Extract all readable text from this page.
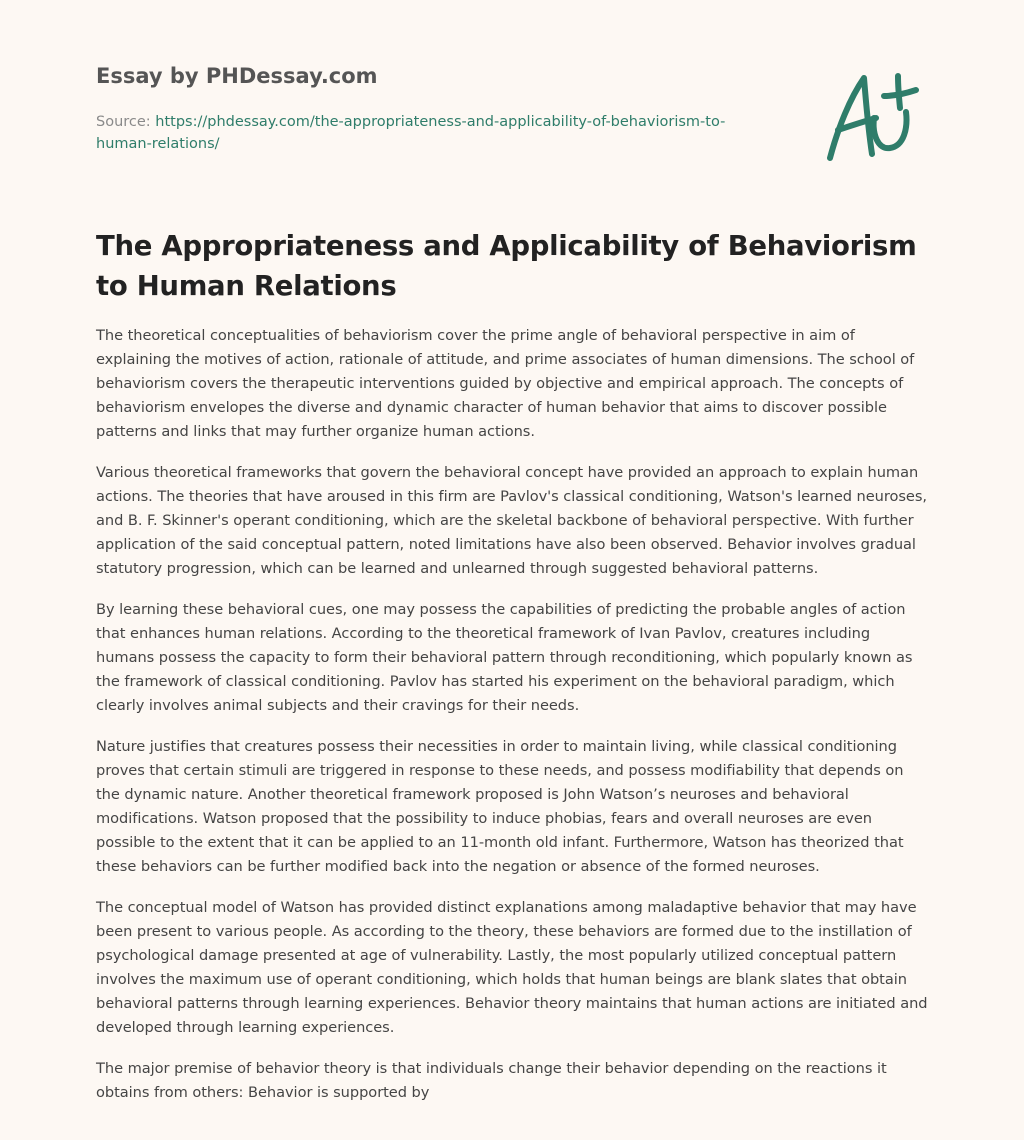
Essay by PHDessay.com
Source: https://phdessay.com/the-appropriateness-and-applicability-of-behaviorism-to-human-relations/
The Appropriateness and Applicability of Behaviorism to Human Relations

The theoretical conceptualities of behaviorism cover the prime angle of behavioral perspective in aim of explaining the motives of action, rationale of attitude, and prime associates of human dimensions. The school of behaviorism covers the therapeutic interventions guided by objective and empirical approach. The concepts of behaviorism envelopes the diverse and dynamic character of human behavior that aims to discover possible patterns and links that may further organize human actions.

Various theoretical frameworks that govern the behavioral concept have provided an approach to explain human actions. The theories that have aroused in this firm are Pavlov's classical conditioning, Watson's learned neuroses, and B. F. Skinner's operant conditioning, which are the skeletal backbone of behavioral perspective. With further application of the said conceptual pattern, noted limitations have also been observed. Behavior involves gradual statutory progression, which can be learned and unlearned through suggested behavioral patterns.

By learning these behavioral cues, one may possess the capabilities of predicting the probable angles of action that enhances human relations. According to the theoretical framework of Ivan Pavlov, creatures including humans possess the capacity to form their behavioral pattern through reconditioning, which popularly known as the framework of classical conditioning. Pavlov has started his experiment on the behavioral paradigm, which clearly involves animal subjects and their cravings for their needs.

Nature justifies that creatures possess their necessities in order to maintain living, while classical conditioning proves that certain stimuli are triggered in response to these needs, and possess modifiability that depends on the dynamic nature. Another theoretical framework proposed is John Watson’s neuroses and behavioral modifications. Watson proposed that the possibility to induce phobias, fears and overall neuroses are even possible to the extent that it can be applied to an 11-month old infant. Furthermore, Watson has theorized that these behaviors can be further modified back into the negation or absence of the formed neuroses.

The conceptual model of Watson has provided distinct explanations among maladaptive behavior that may have been present to various people. As according to the theory, these behaviors are formed due to the instillation of psychological damage presented at age of vulnerability. Lastly, the most popularly utilized conceptual pattern involves the maximum use of operant conditioning, which holds that human beings are blank slates that obtain behavioral patterns through learning experiences. Behavior theory maintains that human actions are initiated and developed through learning experiences.

The major premise of behavior theory is that individuals change their behavior depending on the reactions it obtains from others: Behavior is supported by
